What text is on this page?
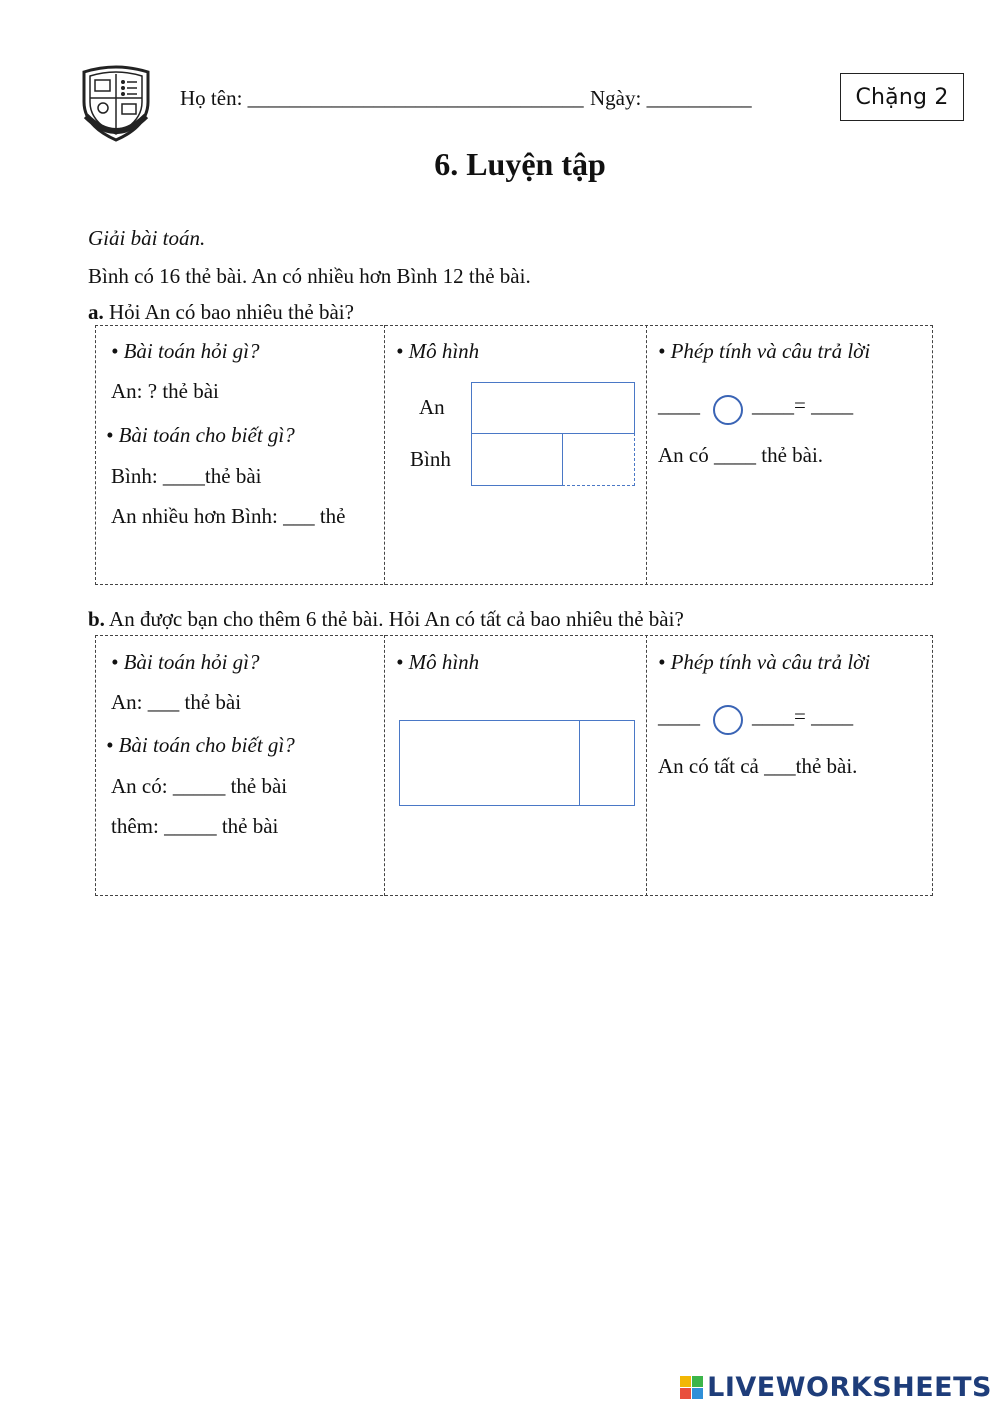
Họ tên: ________________________________ Ngày: __________	Chặng 2
6. Luyện tập
Giải bài toán.
Bình có 16 thẻ bài. An có nhiều hơn Bình 12 thẻ bài.
a. Hỏi An có bao nhiêu thẻ bài?
• Bài toán hỏi gì?
An: ? thẻ bài
• Bài toán cho biết gì?
Bình: ____thẻ bài
An nhiều hơn Bình: ___ thẻ
• Mô hình
An
Bình
• Phép tính và câu trả lời
____ ____= ____
An có ____ thẻ bài.
b. An được bạn cho thêm 6 thẻ bài. Hỏi An có tất cả bao nhiêu thẻ bài?
• Bài toán hỏi gì?
An: ___ thẻ bài
• Bài toán cho biết gì?
An có: _____ thẻ bài
thêm: _____ thẻ bài
• Mô hình	• Phép tính và câu trả lời
____ ____= ____
An có tất cả ___thẻ bài.
LIVEWORKSHEETS
